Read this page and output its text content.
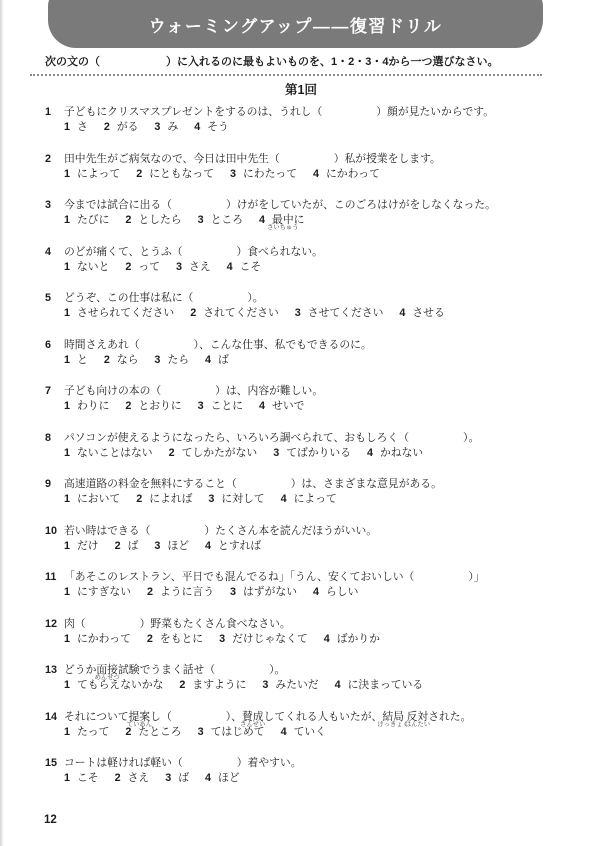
ウォーミングアップ――復習ドリル
次の文の（　　　　　　）に入れるのに最もよいものを、1・2・3・4から一つ選びなさい。
第1回
1	子どもにクリスマスプレゼントをするのは、うれし（　　　　　）顔が見たいからです。
1 さ 2 がる 3 み 4 そう
2	田中先生がご病気なので、今日は田中先生（　　　　　）私が授業をします。
1 によって 2 にともなって 3 にわたって 4 にかわって
3	今までは試合に出る（　　　　　）けがをしていたが、このごろはけがをしなくなった。
1 たびに 2 としたら 3 ところ 4 最中
さいちゅう
に
4	のどが痛くて、とうふ（　　　　　）食べられない。
1 ないと 2 って 3 さえ 4 こそ
5	どうぞ、この仕事は私に（　　　　　）。
1 させられてください 2 されてください 3 させてください 4 させる
6	時間さえあれ（　　　　　）、こんな仕事、私でもできるのに。
1 と 2 なら 3 たら 4 ば
7	子ども向けの本の（　　　　　）は、内容が難しい。
1 わりに 2 とおりに 3 ことに 4 せいで
8	パソコンが使えるようになったら、いろいろ調べられて、おもしろく（　　　　　）。
1 ないことはない 2 てしかたがない 3 てばかりいる 4 かねない
9	高速道路の料金を無料にすること（　　　　　）は、さまざまな意見がある。
1 において 2 によれば 3 に対して 4 によって
10 若い時はできる（　　　　　）たくさん本を読んだほうがいい。
1 だけ 2 ば 3 ほど 4 とすれば
11 「あそこのレストラン、平日でも混んでるね」「うん、安くておいしい（　　　　　）」
1 にすぎない 2 ように言う 3 はずがない 4 らしい
12 肉（　　　　　）野菜もたくさん食べなさい。
1 にかわって 2 をもとに 3 だけじゃなくて 4 ばかりか
13 どうか面接
めんせつ
試験でうまく話せ（　　　　　）。
1 てもらえないかな 2 ますように 3 みたいだ 4 に決まっている
14 それについて提案
ていあん
し（　　　　　）、賛成
さんせい
してくれる人もいたが、結局
けっきょく
反対
はんたい
された。
1 たって 2 たところ 3 てはじめて 4 ていく
15 コートは軽ければ軽い（　　　　　）着やすい。
1 こそ 2 さえ 3 ば 4 ほど
12
